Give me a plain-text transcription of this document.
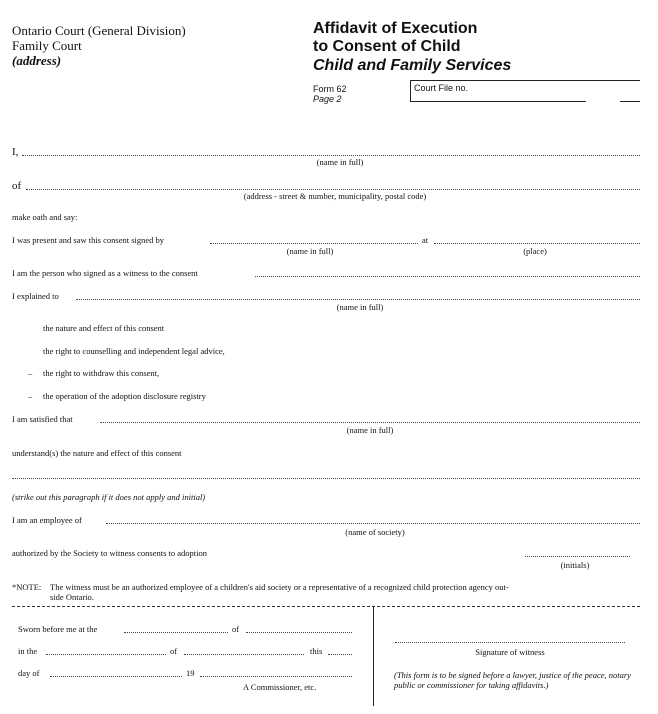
Ontario Court (General Division)
Family Court
(address)
Affidavit of Execution
to Consent of Child
Child and Family Services
Form 62
Page 2
Court File no.
I,
(name in full)
of
(address - street & number, municipality, postal code)
make oath and say:
I was present and saw this consent signed by	at
(name in full)	(place)
I am the person who signed as a witness to the consent
I explained to
(name in full)
the nature and effect of this consent
the right to counselling and independent legal advice,
– the right to withdraw this consent,
– the operation of the adoption disclosure registry
I am satisfied that
(name in full)
understand(s) the nature and effect of this consent
(strike out this paragraph if it does not apply and initial)
I am an employee of
(name of society)
authorized by the Society to witness consents to adoption
(initials)
*NOTE: The witness must be an authorized employee of a children's aid society or a representative of a recognized child protection agency out-
side Ontario.
Sworn before me at the	of
in the	of	this
day of	19
A Commissioner, etc.
Signature of witness
(This form is to be signed before a lawyer, justice of the peace, notary public or commissioner for taking affidavits.)
